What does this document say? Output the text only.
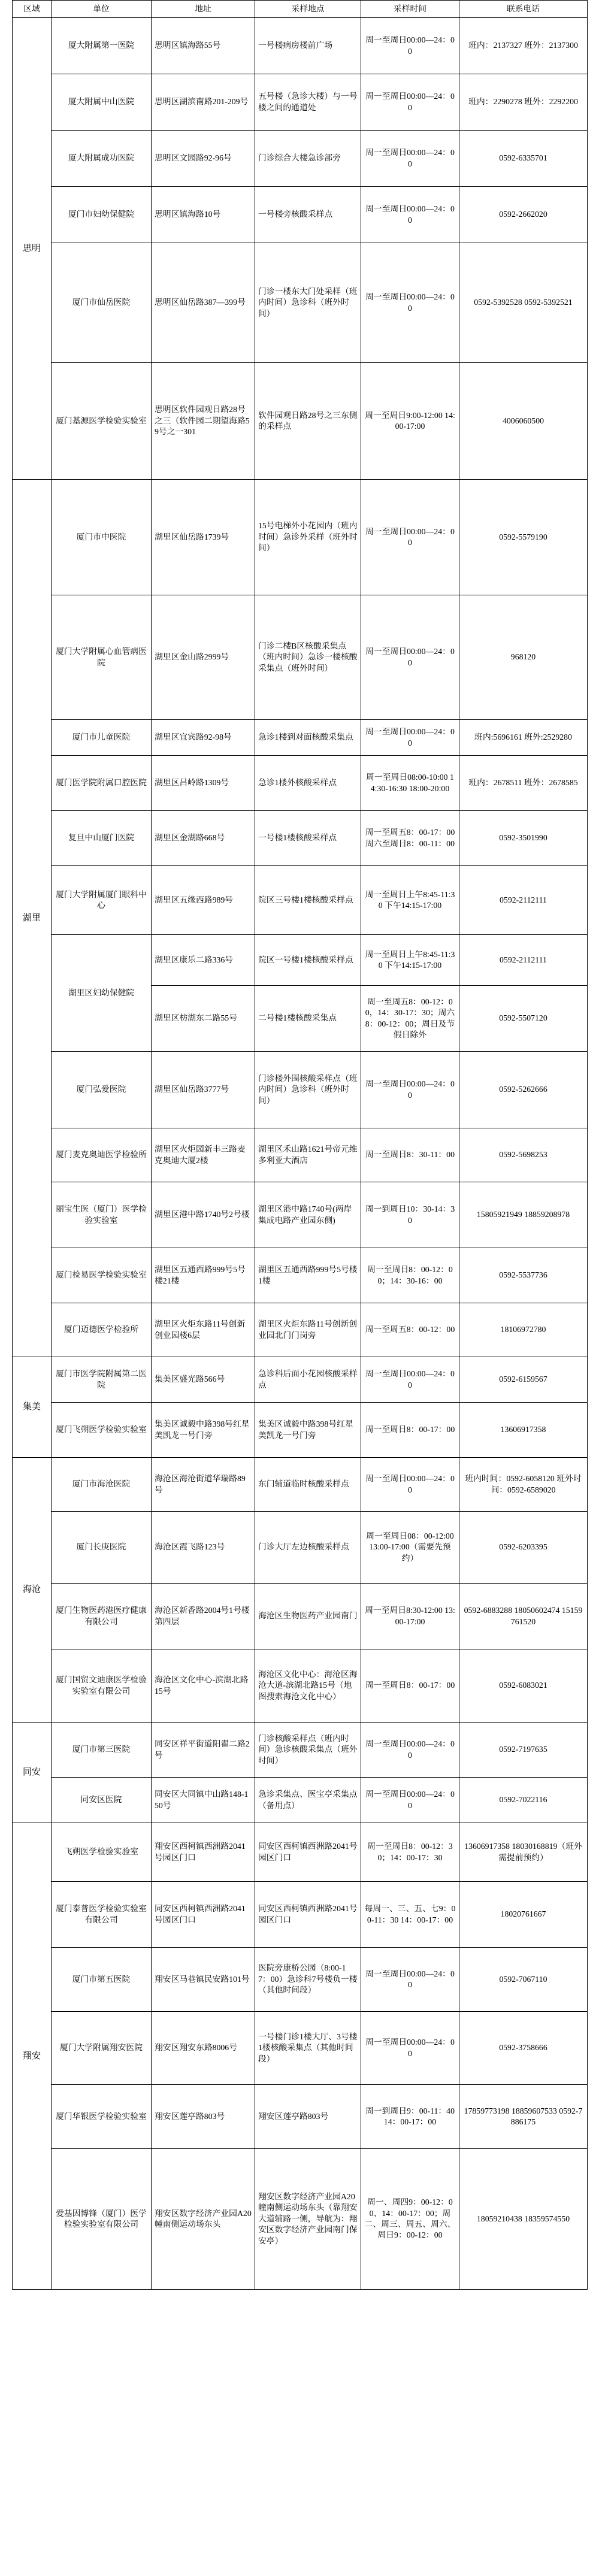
区域	单位	地址	采样地点	采样时间	联系电话
思明	厦大附属第一医院	思明区镇海路55号	一号楼病房楼前广场	周一至周日00:00—24：00	班内：2137327 班外：2137300
	厦大附属中山医院	思明区湖滨南路201-209号	五号楼（急诊大楼）与一号楼之间的通道处	周一至周日00:00—24：00	班内：2290278 班外：2292200
	厦大附属成功医院	思明区文园路92-96号	门诊综合大楼急诊部旁	周一至周日00:00—24：00	0592-6335701
	厦门市妇幼保健院	思明区镇海路10号	一号楼旁核酸采样点	周一至周日00:00—24：00	0592-2662020
	厦门市仙岳医院	思明区仙岳路387—399号	门诊一楼东大门处采样（班内时间）急诊科（班外时间）	周一至周日00:00—24：00	0592-5392528 0592-5392521
	厦门基源医学检验实验室	思明区软件园观日路28号之三（软件园二期望海路59号之一301	软件园观日路28号之三东侧的采样点	周一至周日9:00-12:00 14:00-17:00	4006060500
湖里	厦门市中医院	湖里区仙岳路1739号	15号电梯外小花园内（班内时间）急诊外采样（班外时间）	周一至周日00:00—24：00	0592-5579190
	厦门大学附属心血管病医院	湖里区金山路2999号	门诊二楼B区核酸采集点（班内时间）急诊一楼核酸采集点（班外时间）	周一至周日00:00—24：00	968120
	厦门市儿童医院	湖里区宜宾路92-98号	急诊1楼到对面核酸采集点	周一至周日00:00—24：00	班内:5696161 班外:2529280
	厦门医学院附属口腔医院	湖里区吕岭路1309号	急诊1楼外核酸采样点	周一至周日08:00-10:00 14:30-16:30 18:00-20:00	班内：2678511 班外：2678585
	复旦中山厦门医院	湖里区金湖路668号	一号楼1楼核酸采样点	周一至周五8：00-17：00 周六至周日8：00-11：00	0592-3501990
	厦门大学附属厦门眼科中心	湖里区五缘西路989号	院区三号楼1楼核酸采样点	周一至周日上午8:45-11:30 下午14:15-17:00	0592-2112111
	湖里区妇幼保健院	湖里区康乐二路336号	院区一号楼1楼核酸采样点	周一至周日上午8:45-11:30 下午14:15-17:00	0592-2112111
		湖里区枋湖东二路55号	二号楼1楼核酸采集点	周一至周五8：00-12：00，14：30-17：30；周六8：00-12：00；周日及节假日除外	0592-5507120
	厦门弘爱医院	湖里区仙岳路3777号	门诊楼外围核酸采样点（班内时间）急诊科（班外时间）	周一至周日00:00—24：00	0592-5262666
	厦门麦克奥迪医学检验所	湖里区火炬园新丰三路麦克奥迪大厦2楼	湖里区禾山路1621号帝元维多利亚大酒店	周一至周日8：30-11：00	0592-5698253
	丽宝生医（厦门）医学检验实验室	湖里区港中路1740号2号楼	湖里区港中路1740号(两岸集成电路产业园东侧)	周一到周日10：30-14：30	15805921949 18859208978
	厦门检易医学检验实验室	湖里区五通西路999号5号楼21楼	湖里区五通西路999号5号楼1楼	周一至周日8：00-12：00；14：30-16：00	0592-5537736
	厦门迈德医学检验所	湖里区火炬东路11号创新创业园楼6层	湖里区火炬东路11号创新创业园北门门岗旁	周一至周五8：00-12：00	18106972780
集美	厦门市医学院附属第二医院	集美区盛光路566号	急诊科后面小花园核酸采样点	周一至周日00:00—24：00	0592-6159567
	厦门飞朔医学检验实验室	集美区诚毅中路398号红星美凯龙一号门旁	集美区诚毅中路398号红星美凯龙一号门旁	周一至周日8：00-17：00	13606917358
海沧	厦门市海沧医院	海沧区海沧街道华瑞路89号	东门辅道临时核酸采样点	周一至周日00:00—24：00	班内时间：0592-6058120 班外时间：0592-6589020
	厦门长庚医院	海沧区霞飞路123号	门诊大厅左边核酸采样点	周一至周日08：00-12:00 13:00-17:00（需要先预约）	0592-6203395
	厦门生物医药港医疗健康有限公司	海沧区新香路2004号1号楼第四层	海沧区生物医药产业园南门	周一至周日8:30-12:00 13:00-17:00	0592-6883288 18050602474 15159761520
	厦门国贸文迪康医学检验实验室有限公司	海沧区文化中心-滨湖北路15号	海沧区文化中心：海沧区海沧大道-滨湖北路15号（地图搜索海沧文化中心）	周一至周日8：00-17：00	0592-6083021
同安	厦门市第三医院	同安区祥平街道阳翟二路2号	门诊核酸采样点（班内时间）急诊核酸采集点（班外时间）	周一至周日00:00—24：00	0592-7197635
	同安区医院	同安区大同镇中山路148-150号	急诊采集点、医宝亭采集点（备用点）	周一至周日00:00—24：00	0592-7022116
翔安	飞朔医学检验实验室	翔安区西柯镇西洲路2041号园区门口	同安区西柯镇西洲路2041号园区门口	周一至周日8：00-12：30；14：00-17：30	13606917358 18030168819（班外需提前预约）
	厦门泰普医学检验实验室有限公司	同安区西柯镇西洲路2041号园区门口	同安区西柯镇西洲路2041号园区门口	每周一、三、五、七9：00-11：30 14：00-17：00	18020761667
	厦门市第五医院	翔安区马巷镇民安路101号	医院旁康桥公园（8:00-17：00）急诊科7号楼负一楼（其他时间段）	周一至周日00:00—24：00	0592-7067110
	厦门大学附属翔安医院	翔安区翔安东路8006号	一号楼门诊1楼大厅、3号楼1楼核酸采集点（其他时间段）	周一至周日00:00—24：00	0592-3758666
	厦门华银医学检验实验室	翔安区莲亭路803号	翔安区莲亭路803号	周一到周日9：00-11：40 14：00-17：00	17859773198 18859607533 0592-7886175
	爱基因博锋（厦门）医学检验实验室有限公司	翔安区数字经济产业园A20幢南侧运动场东头	翔安区数字经济产业园A20幢南侧运动场东头（靠翔安大道辅路一侧，导航为：翔安区数字经济产业园南门保安亭）	周一、周四9：00-12：00、14：00-17：00；周二、周三、周五、周六、周日9：00-12：00	18059210438 18359574550
